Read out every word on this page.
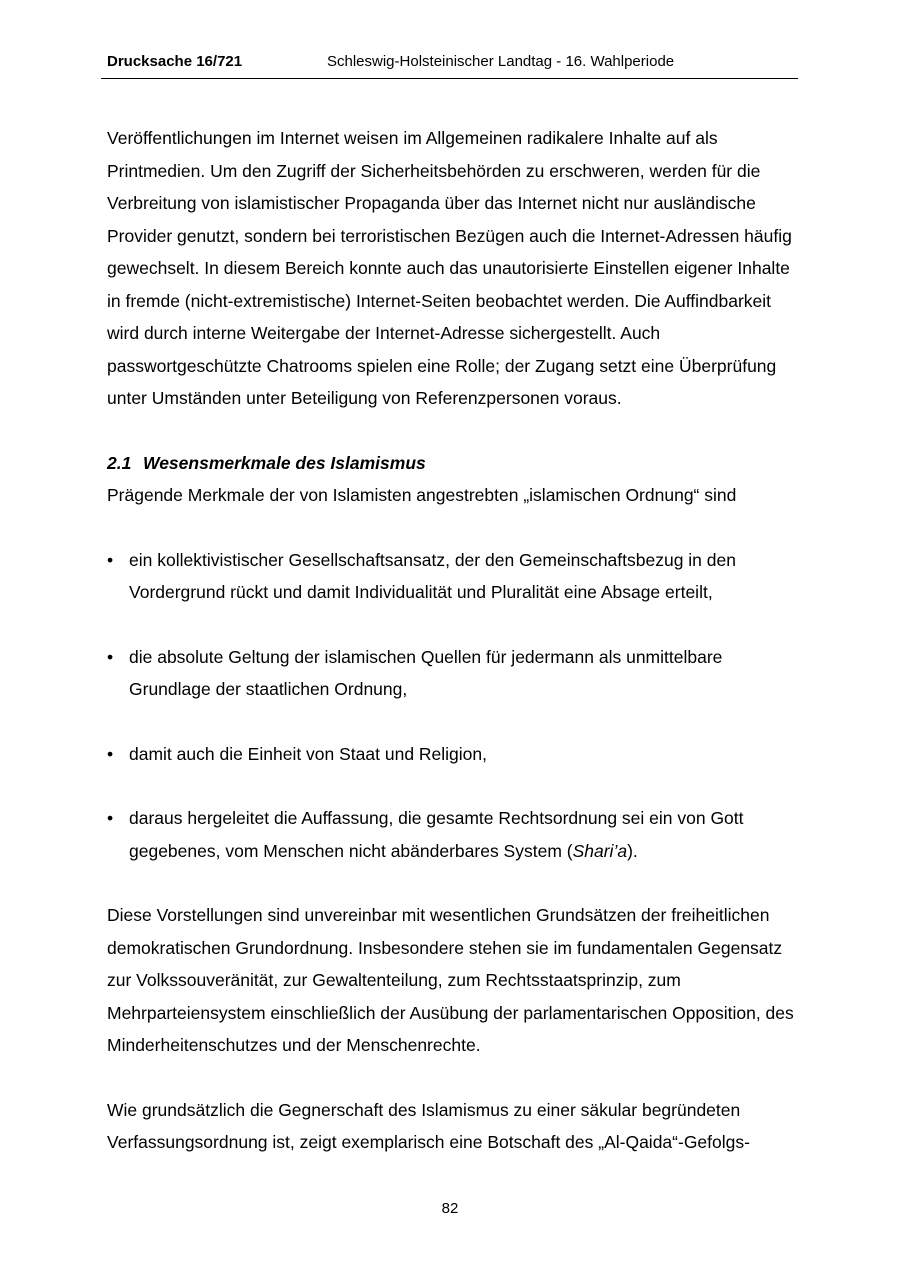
Drucksache 16/721	Schleswig-Holsteinischer Landtag - 16. Wahlperiode

Veröffentlichungen im Internet weisen im Allgemeinen radikalere Inhalte auf als Printmedien. Um den Zugriff der Sicherheitsbehörden zu erschweren, werden für die Verbreitung von islamistischer Propaganda über das Internet nicht nur ausländische Provider genutzt, sondern bei terroristischen Bezügen auch die Internet-Adressen häufig gewechselt. In diesem Bereich konnte auch das unautorisierte Einstellen eigener Inhalte in fremde (nicht-extremistische) Internet-Seiten beobachtet werden. Die Auffindbarkeit wird durch interne Weitergabe der Internet-Adresse sichergestellt. Auch passwortgeschützte Chatrooms spielen eine Rolle; der Zugang setzt eine Überprüfung unter Umständen unter Beteiligung von Referenzpersonen voraus.

2.1 Wesensmerkmale des Islamismus

Prägende Merkmale der von Islamisten angestrebten „islamischen Ordnung“ sind

• ein kollektivistischer Gesellschaftsansatz, der den Gemeinschaftsbezug in den Vordergrund rückt und damit Individualität und Pluralität eine Absage erteilt,
• die absolute Geltung der islamischen Quellen für jedermann als unmittelbare Grundlage der staatlichen Ordnung,
• damit auch die Einheit von Staat und Religion,
• daraus hergeleitet die Auffassung, die gesamte Rechtsordnung sei ein von Gott gegebenes, vom Menschen nicht abänderbares System (Shari’a).

Diese Vorstellungen sind unvereinbar mit wesentlichen Grundsätzen der freiheitlichen demokratischen Grundordnung. Insbesondere stehen sie im fundamentalen Gegensatz zur Volkssouveränität, zur Gewaltenteilung, zum Rechtsstaatsprinzip, zum Mehrparteiensystem einschließlich der Ausübung der parlamentarischen Opposition, des Minderheitenschutzes und der Menschenrechte.

Wie grundsätzlich die Gegnerschaft des Islamismus zu einer säkular begründeten Verfassungsordnung ist, zeigt exemplarisch eine Botschaft des „Al-Qaida“-Gefolgs-

82
